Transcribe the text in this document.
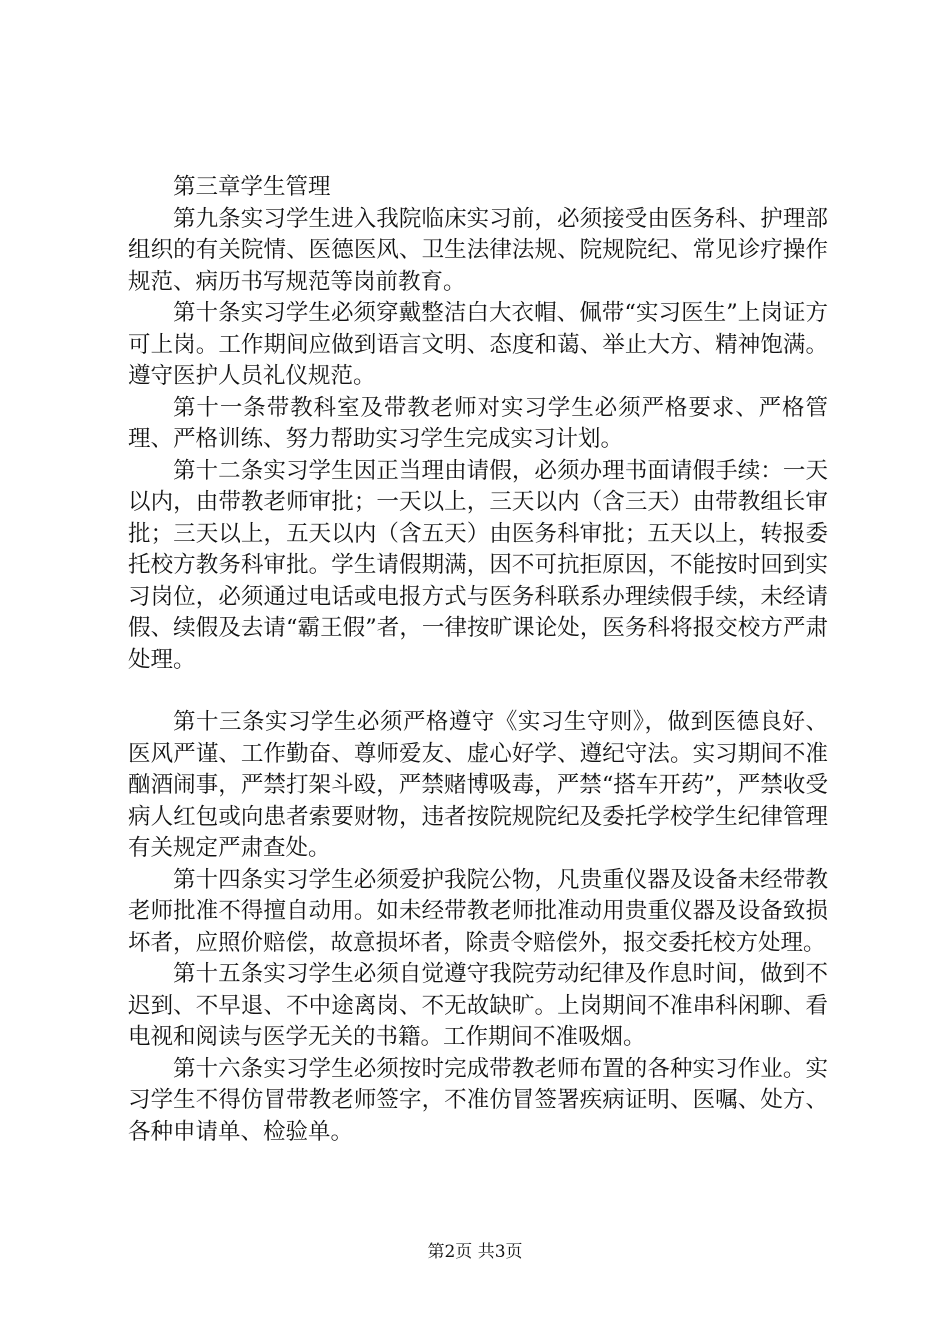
第三章学生管理

第九条实习学生进入我院临床实习前，必须接受由医务科、护理部组织的有关院情、医德医风、卫生法律法规、院规院纪、常见诊疗操作规范、病历书写规范等岗前教育。

第十条实习学生必须穿戴整洁白大衣帽、佩带“实习医生”上岗证方可上岗。工作期间应做到语言文明、态度和蔼、举止大方、精神饱满。遵守医护人员礼仪规范。

第十一条带教科室及带教老师对实习学生必须严格要求、严格管理、严格训练、努力帮助实习学生完成实习计划。

第十二条实习学生因正当理由请假，必须办理书面请假手续：一天以内，由带教老师审批；一天以上，三天以内（含三天）由带教组长审批；三天以上，五天以内（含五天）由医务科审批；五天以上，转报委托校方教务科审批。学生请假期满，因不可抗拒原因，不能按时回到实习岗位，必须通过电话或电报方式与医务科联系办理续假手续，未经请假、续假及去请“霸王假”者，一律按旷课论处，医务科将报交校方严肃处理。

第十三条实习学生必须严格遵守《实习生守则》，做到医德良好、医风严谨、工作勤奋、尊师爱友、虚心好学、遵纪守法。实习期间不准酗酒闹事，严禁打架斗殴，严禁赌博吸毒，严禁“搭车开药”，严禁收受病人红包或向患者索要财物，违者按院规院纪及委托学校学生纪律管理有关规定严肃查处。

第十四条实习学生必须爱护我院公物，凡贵重仪器及设备未经带教老师批准不得擅自动用。如未经带教老师批准动用贵重仪器及设备致损坏者，应照价赔偿，故意损坏者，除责令赔偿外，报交委托校方处理。

第十五条实习学生必须自觉遵守我院劳动纪律及作息时间，做到不迟到、不早退、不中途离岗、不无故缺旷。上岗期间不准串科闲聊、看电视和阅读与医学无关的书籍。工作期间不准吸烟。

第十六条实习学生必须按时完成带教老师布置的各种实习作业。实习学生不得仿冒带教老师签字，不准仿冒签署疾病证明、医嘱、处方、各种申请单、检验单。

第2页 共3页
